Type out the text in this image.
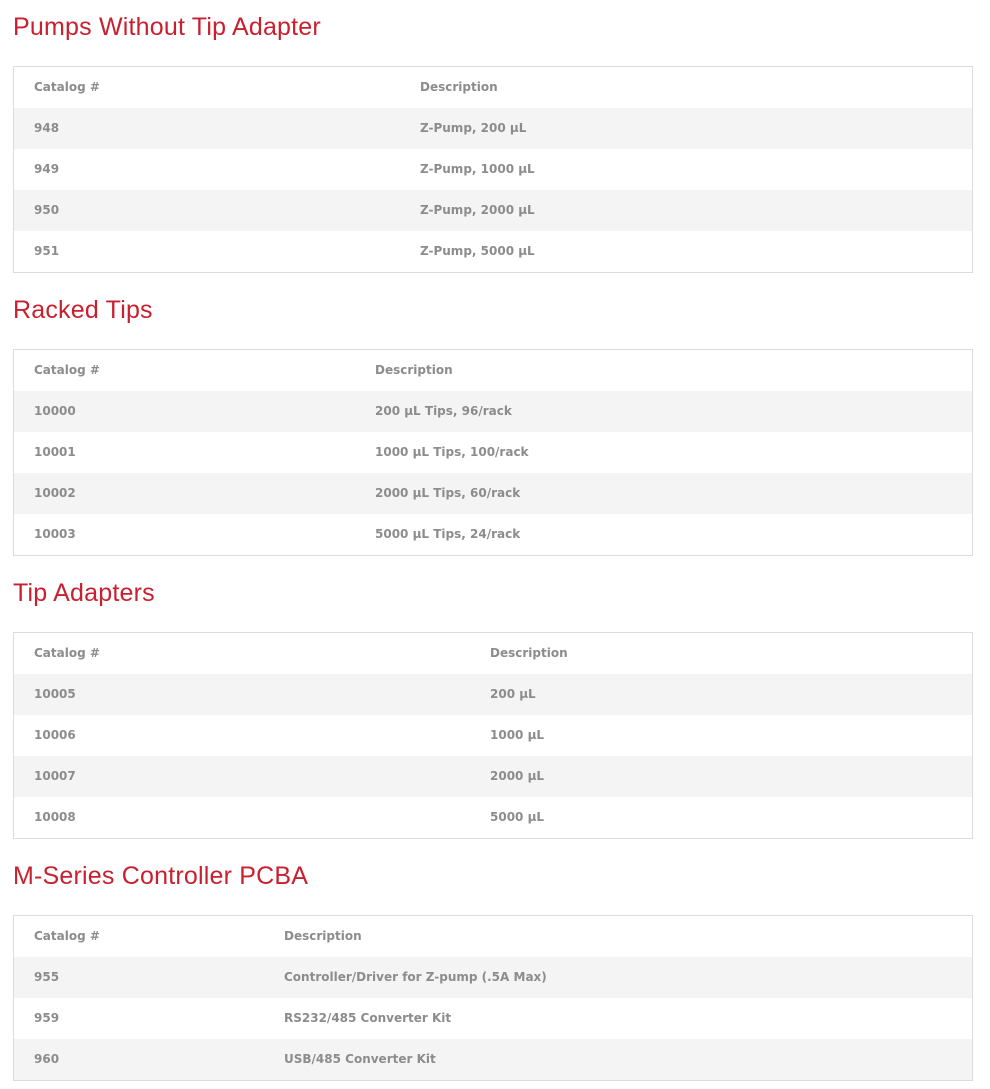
Pumps Without Tip Adapter
Catalog #	Description
948	Z-Pump, 200 µL
949	Z-Pump, 1000 µL
950	Z-Pump, 2000 µL
951	Z-Pump, 5000 µL
Racked Tips
Catalog #	Description
10000	200 µL Tips, 96/rack
10001	1000 µL Tips, 100/rack
10002	2000 µL Tips, 60/rack
10003	5000 µL Tips, 24/rack
Tip Adapters
Catalog #	Description
10005	200 µL
10006	1000 µL
10007	2000 µL
10008	5000 µL
M-Series Controller PCBA
Catalog #	Description
955	Controller/Driver for Z-pump (.5A Max)
959	RS232/485 Converter Kit
960	USB/485 Converter Kit
